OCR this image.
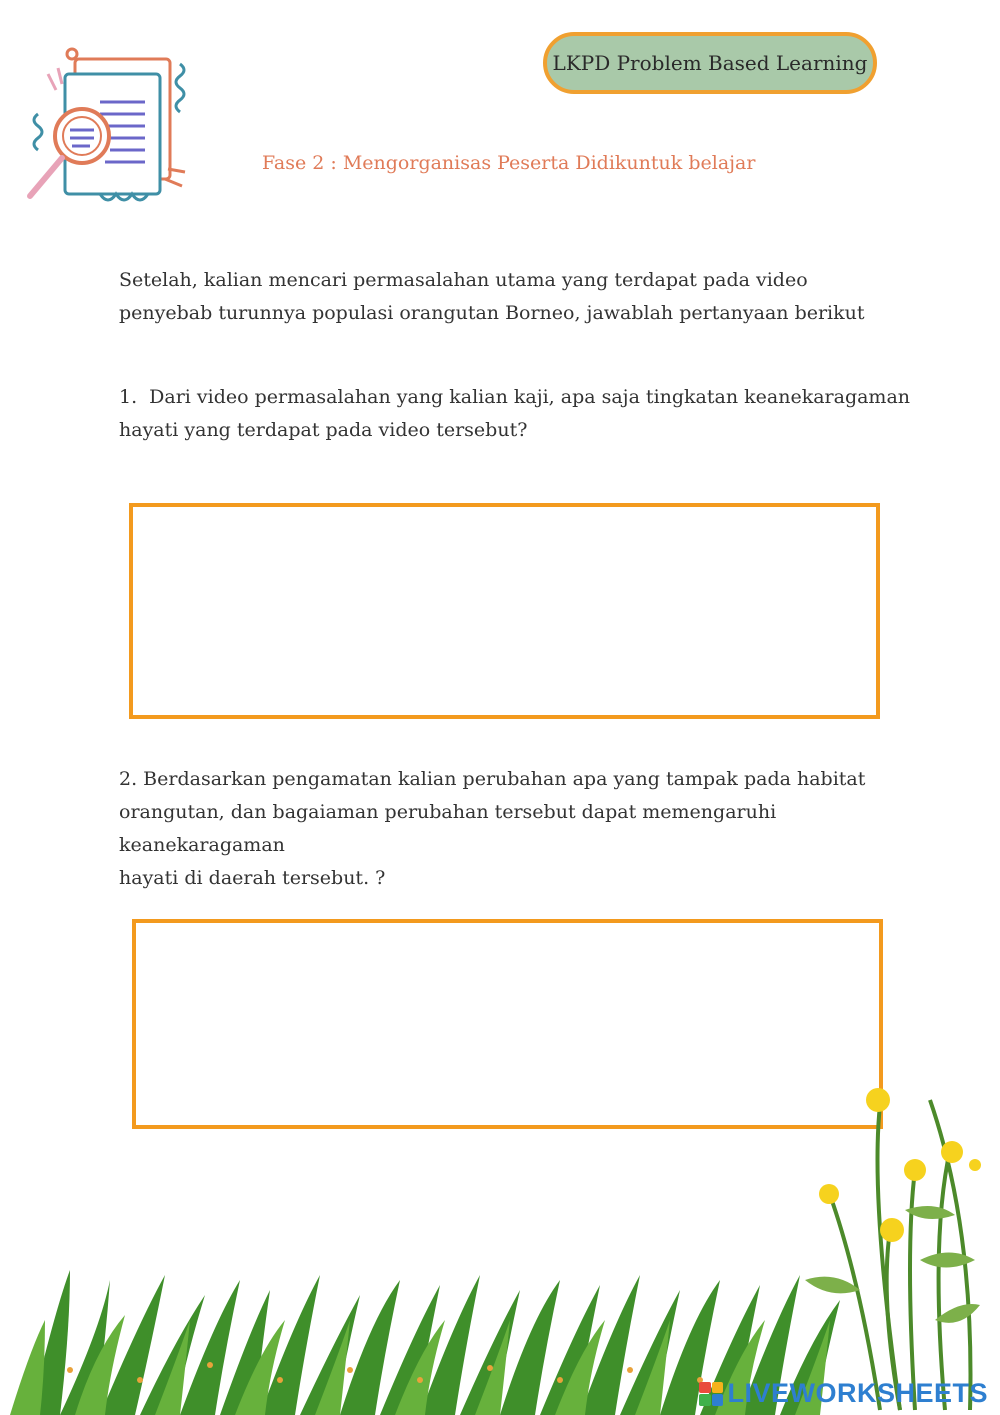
LKPD Problem Based Learning
Fase 2 : Mengorganisas Peserta Didikuntuk belajar
Setelah, kalian mencari permasalahan utama yang terdapat pada video
penyebab turunnya populasi orangutan Borneo, jawablah pertanyaan berikut
1. Dari video permasalahan yang kalian kaji, apa saja tingkatan keanekaragaman
hayati yang terdapat pada video tersebut?
2. Berdasarkan pengamatan kalian perubahan apa yang tampak pada habitat
orangutan, dan bagaiaman perubahan tersebut dapat memengaruhi keanekaragaman
hayati di daerah tersebut. ?
LIVEWORKSHEETS
